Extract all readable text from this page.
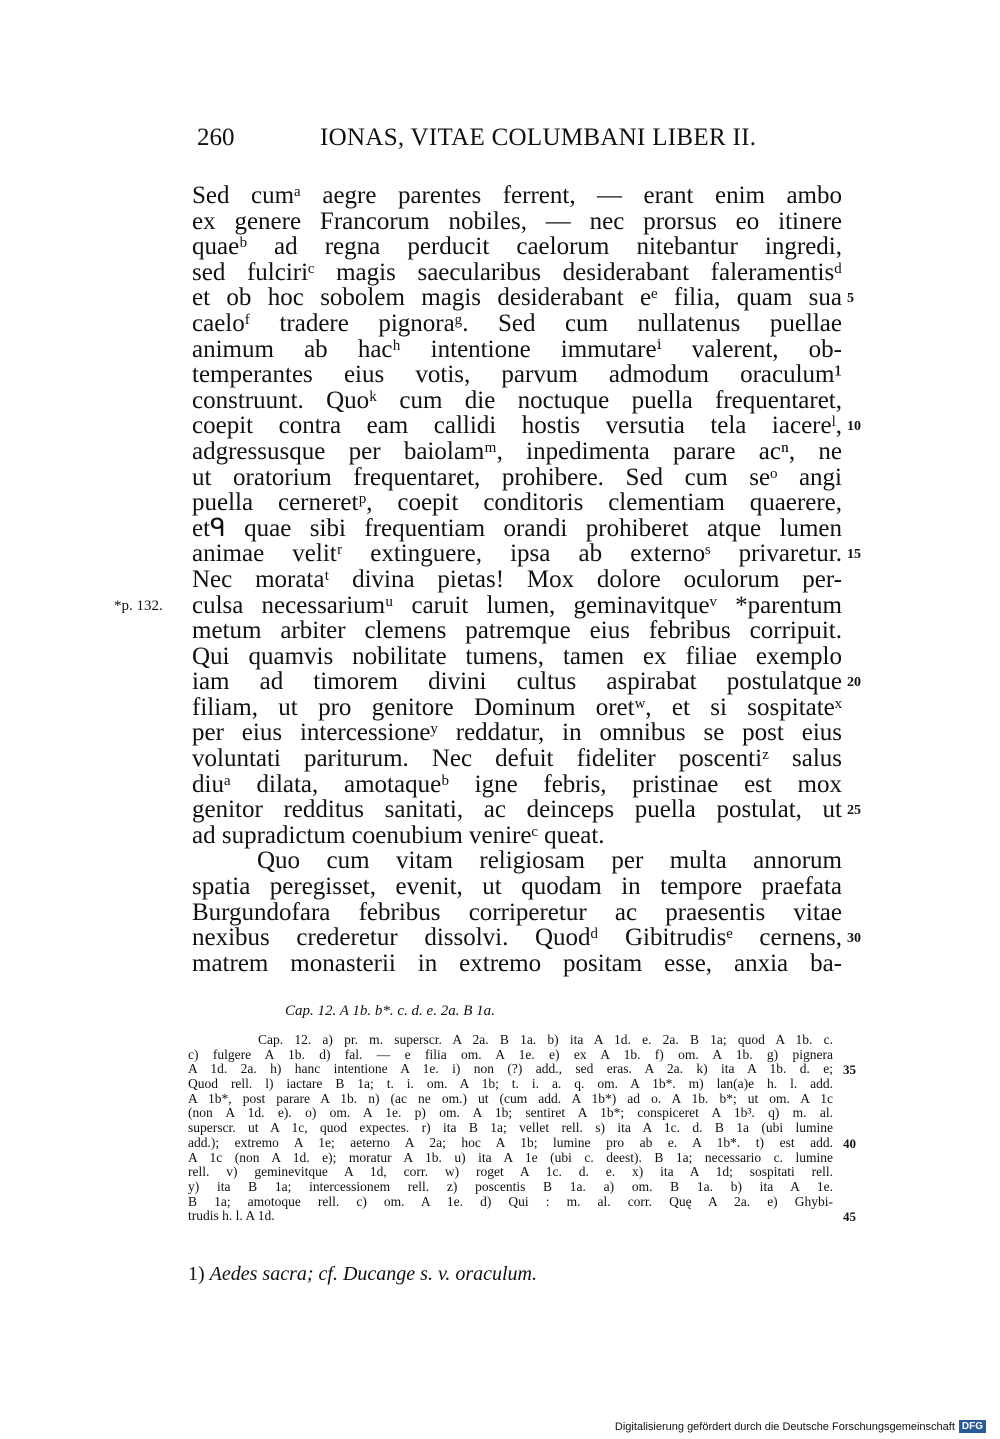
260	IONAS, VITAE COLUMBANI LIBER II.
Sed cumᵃ aegre parentes ferrent, — erant enim ambo
ex genere Francorum nobiles, — nec prorsus eo itinere
quaeᵇ ad regna perducit caelorum nitebantur ingredi,
sed fulciriᶜ magis saecularibus desiderabant faleramentisᵈ
et ob hoc sobolem magis desiderabant eᵉ filia, quam sua 5
caeloᶠ tradere pignoraᵍ. Sed cum nullatenus puellae
animum ab hacʰ intentione immutareⁱ valerent, ob-
temperantes eius votis, parvum admodum oraculum¹
construunt. Quoᵏ cum die noctuque puella frequentaret,
coepit contra eam callidi hostis versutia tela iacereˡ, 10
adgressusque per baiolamᵐ, inpedimenta parare acⁿ, ne
ut oratorium frequentaret, prohibere. Sed cum seᵒ angi
puella cerneretᵖ, coepit conditoris clementiam quaerere,
etᑫ quae sibi frequentiam orandi prohiberet atque lumen
animae velitʳ extinguere, ipsa ab externoˢ privaretur. 15
Nec morataᵗ divina pietas! Mox dolore oculorum per-
*p. 132. culsa necessariumᵘ caruit lumen, geminavitqueᵛ *parentum
metum arbiter clemens patremque eius febribus corripuit.
Qui quamvis nobilitate tumens, tamen ex filiae exemplo
iam ad timorem divini cultus aspirabat postulatque 20
filiam, ut pro genitore Dominum oretʷ, et si sospitateˣ
per eius intercessioneʸ reddatur, in omnibus se post eius
voluntati pariturum. Nec defuit fideliter poscentiᶻ salus
diuᵃ dilata, amotaqueᵇ igne febris, pristinae est mox
genitor redditus sanitati, ac deinceps puella postulat, ut 25
ad supradictum coenubium venireᶜ queat.
Quo cum vitam religiosam per multa annorum
spatia peregisset, evenit, ut quodam in tempore praefata
Burgundofara febribus corriperetur ac praesentis vitae
nexibus crederetur dissolvi. Quodᵈ Gibitrudisᵉ cernens, 30
matrem monasterii in extremo positam esse, anxia ba-
Cap. 12. A 1b. b*. c. d. e. 2a. B 1a.
Cap. 12. a) pr. m. superscr. A 2a. B 1a. b) ita A 1d. e. 2a. B 1a; quod A 1b. c.
c) fulgere A 1b. d) fal. — e filia om. A 1e. e) ex A 1b. f) om. A 1b. g) pignera
A 1d. 2a. h) hanc intentione A 1e. i) non (?) add., sed eras. A 2a. k) ita A 1b. d. e; 35
Quod rell. l) iactare B 1a; t. i. om. A 1b; t. i. a. q. om. A 1b*. m) lan(a)e h. l. add.
A 1b*, post parare A 1b. n) (ac ne om.) ut (cum add. A 1b*) ad o. A 1b. b*; ut om. A 1c
(non A 1d. e). o) om. A 1e. p) om. A 1b; sentiret A 1b*; conspiceret A 1b³. q) m. al.
superscr. ut A 1c, quod expectes. r) ita B 1a; vellet rell. s) ita A 1c. d. B 1a (ubi lumine
add.); extremo A 1e; aeterno A 2a; hoc A 1b; lumine pro ab e. A 1b*. t) est add. 40
A 1c (non A 1d. e); moratur A 1b. u) ita A 1e (ubi c. deest). B 1a; necessario c. lumine
rell. v) geminevitque A 1d, corr. w) roget A 1c. d. e. x) ita A 1d; sospitati rell.
y) ita B 1a; intercessionem rell. z) poscentis B 1a. a) om. B 1a. b) ita A 1e.
B 1a; amotoque rell. c) om. A 1e. d) Qui : m. al. corr. Quę A 2a. e) Ghybi-
trudis h. l. A 1d.	45
1) Aedes sacra; cf. Ducange s. v. oraculum.
Digitalisierung gefördert durch die Deutsche Forschungsgemeinschaft DFG
